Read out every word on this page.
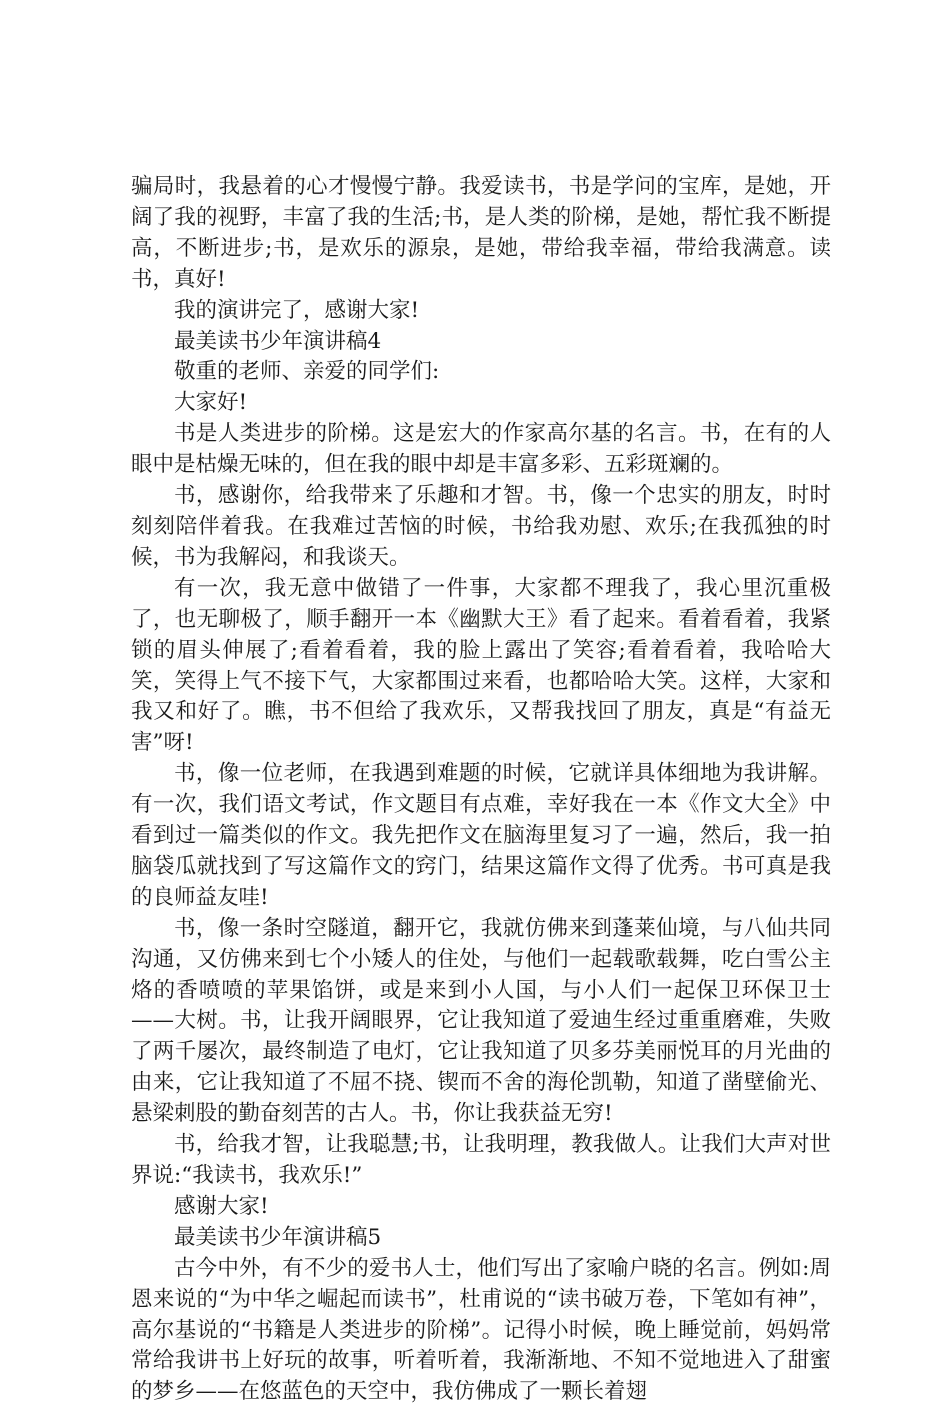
骗局时，我悬着的心才慢慢宁静。我爱读书，书是学问的宝库，是她，开阔了我的视野，丰富了我的生活;书，是人类的阶梯，是她，帮忙我不断提高，不断进步;书，是欢乐的源泉，是她，带给我幸福，带给我满意。读书，真好!

我的演讲完了，感谢大家!

最美读书少年演讲稿4

敬重的老师、亲爱的同学们:

大家好!

书是人类进步的阶梯。这是宏大的作家高尔基的名言。书，在有的人眼中是枯燥无味的，但在我的眼中却是丰富多彩、五彩斑斓的。

书，感谢你，给我带来了乐趣和才智。书，像一个忠实的朋友，时时刻刻陪伴着我。在我难过苦恼的时候，书给我劝慰、欢乐;在我孤独的时候，书为我解闷，和我谈天。

有一次，我无意中做错了一件事，大家都不理我了，我心里沉重极了，也无聊极了，顺手翻开一本《幽默大王》看了起来。看着看着，我紧锁的眉头伸展了;看着看着，我的脸上露出了笑容;看着看着，我哈哈大笑，笑得上气不接下气，大家都围过来看，也都哈哈大笑。这样，大家和我又和好了。瞧，书不但给了我欢乐，又帮我找回了朋友，真是“有益无害”呀!

书，像一位老师，在我遇到难题的时候，它就详具体细地为我讲解。有一次，我们语文考试，作文题目有点难，幸好我在一本《作文大全》中看到过一篇类似的作文。我先把作文在脑海里复习了一遍，然后，我一拍脑袋瓜就找到了写这篇作文的窍门，结果这篇作文得了优秀。书可真是我的良师益友哇!

书，像一条时空隧道，翻开它，我就仿佛来到蓬莱仙境，与八仙共同沟通，又仿佛来到七个小矮人的住处，与他们一起载歌载舞，吃白雪公主烙的香喷喷的苹果馅饼，或是来到小人国，与小人们一起保卫环保卫士——大树。书，让我开阔眼界，它让我知道了爱迪生经过重重磨难，失败了两千屡次，最终制造了电灯，它让我知道了贝多芬美丽悦耳的月光曲的由来，它让我知道了不屈不挠、锲而不舍的海伦凯勒，知道了凿壁偷光、悬梁刺股的勤奋刻苦的古人。书，你让我获益无穷!

书，给我才智，让我聪慧;书，让我明理，教我做人。让我们大声对世界说:“我读书，我欢乐!”

感谢大家!

最美读书少年演讲稿5

古今中外，有不少的爱书人士，他们写出了家喻户晓的名言。例如:周恩来说的“为中华之崛起而读书”，杜甫说的“读书破万卷，下笔如有神”，高尔基说的“书籍是人类进步的阶梯”。记得小时候，晚上睡觉前，妈妈常常给我讲书上好玩的故事，听着听着，我渐渐地、不知不觉地进入了甜蜜的梦乡——在悠蓝色的天空中，我仿佛成了一颗长着翅
